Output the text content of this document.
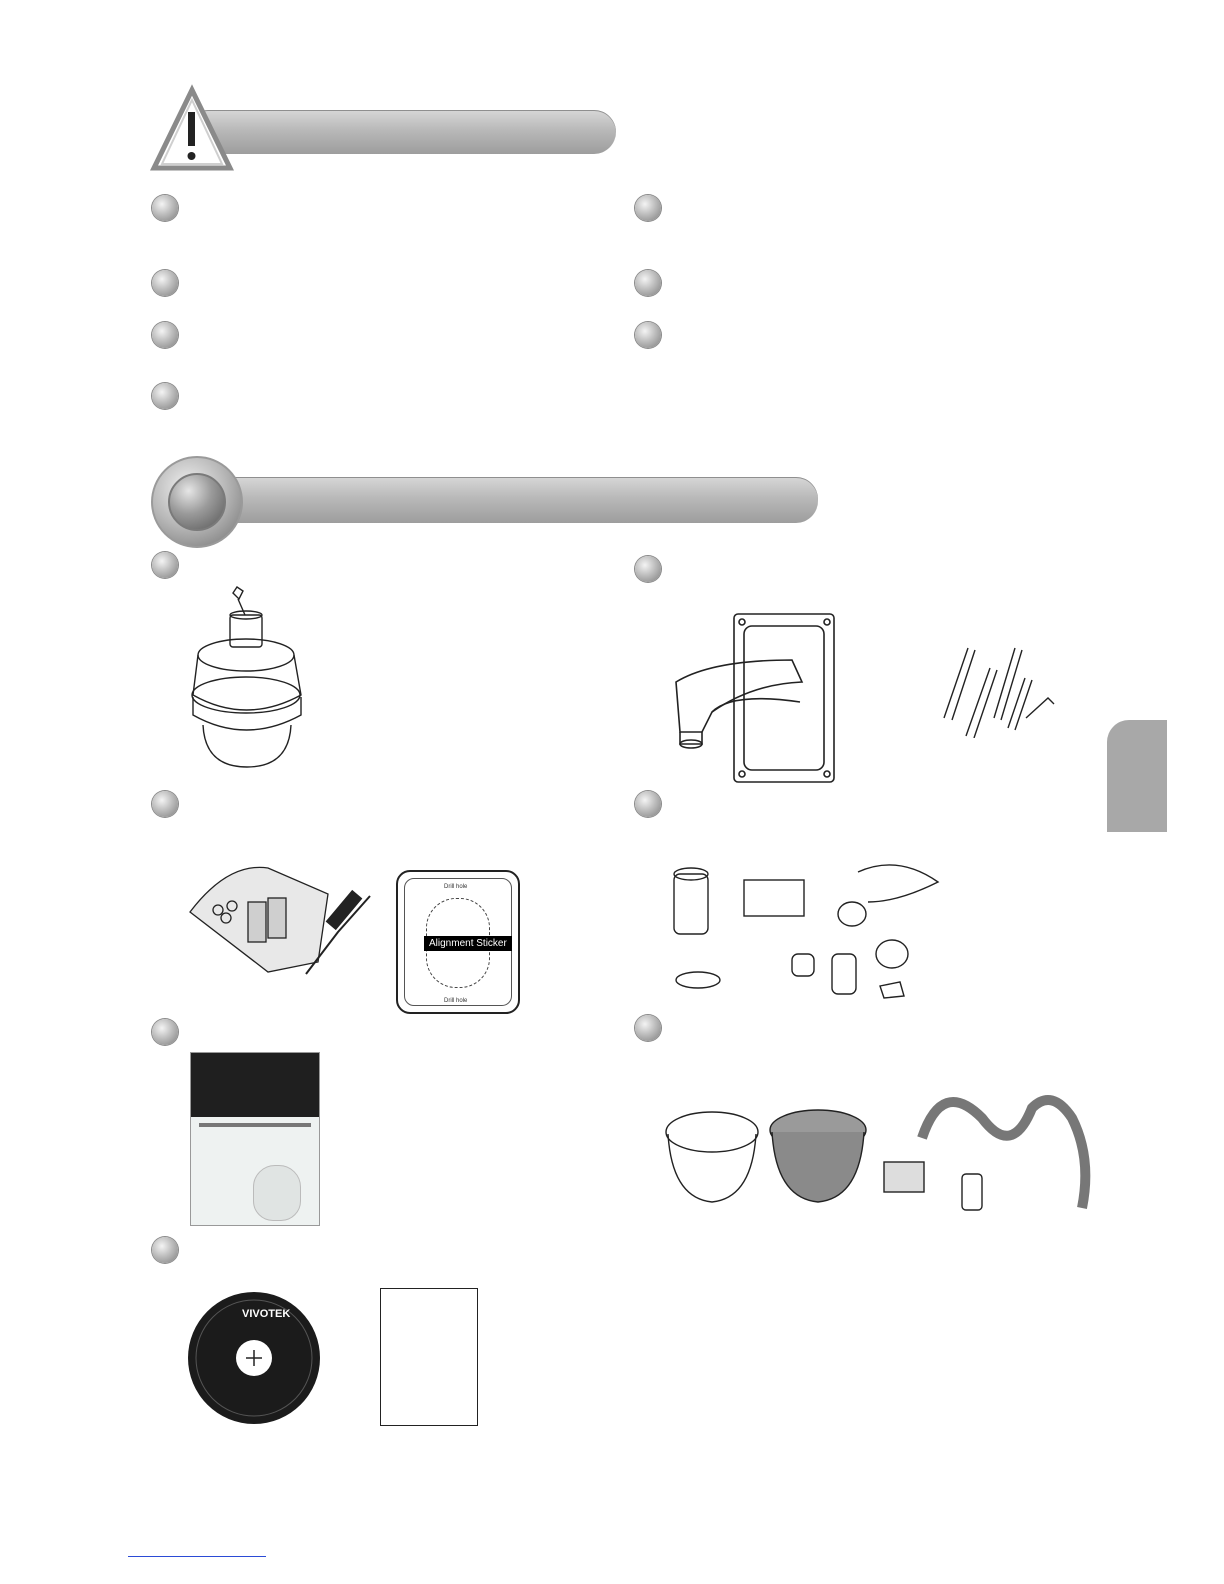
Drill hole
Drill hole
Alignment Sticker
VIVOTEK
